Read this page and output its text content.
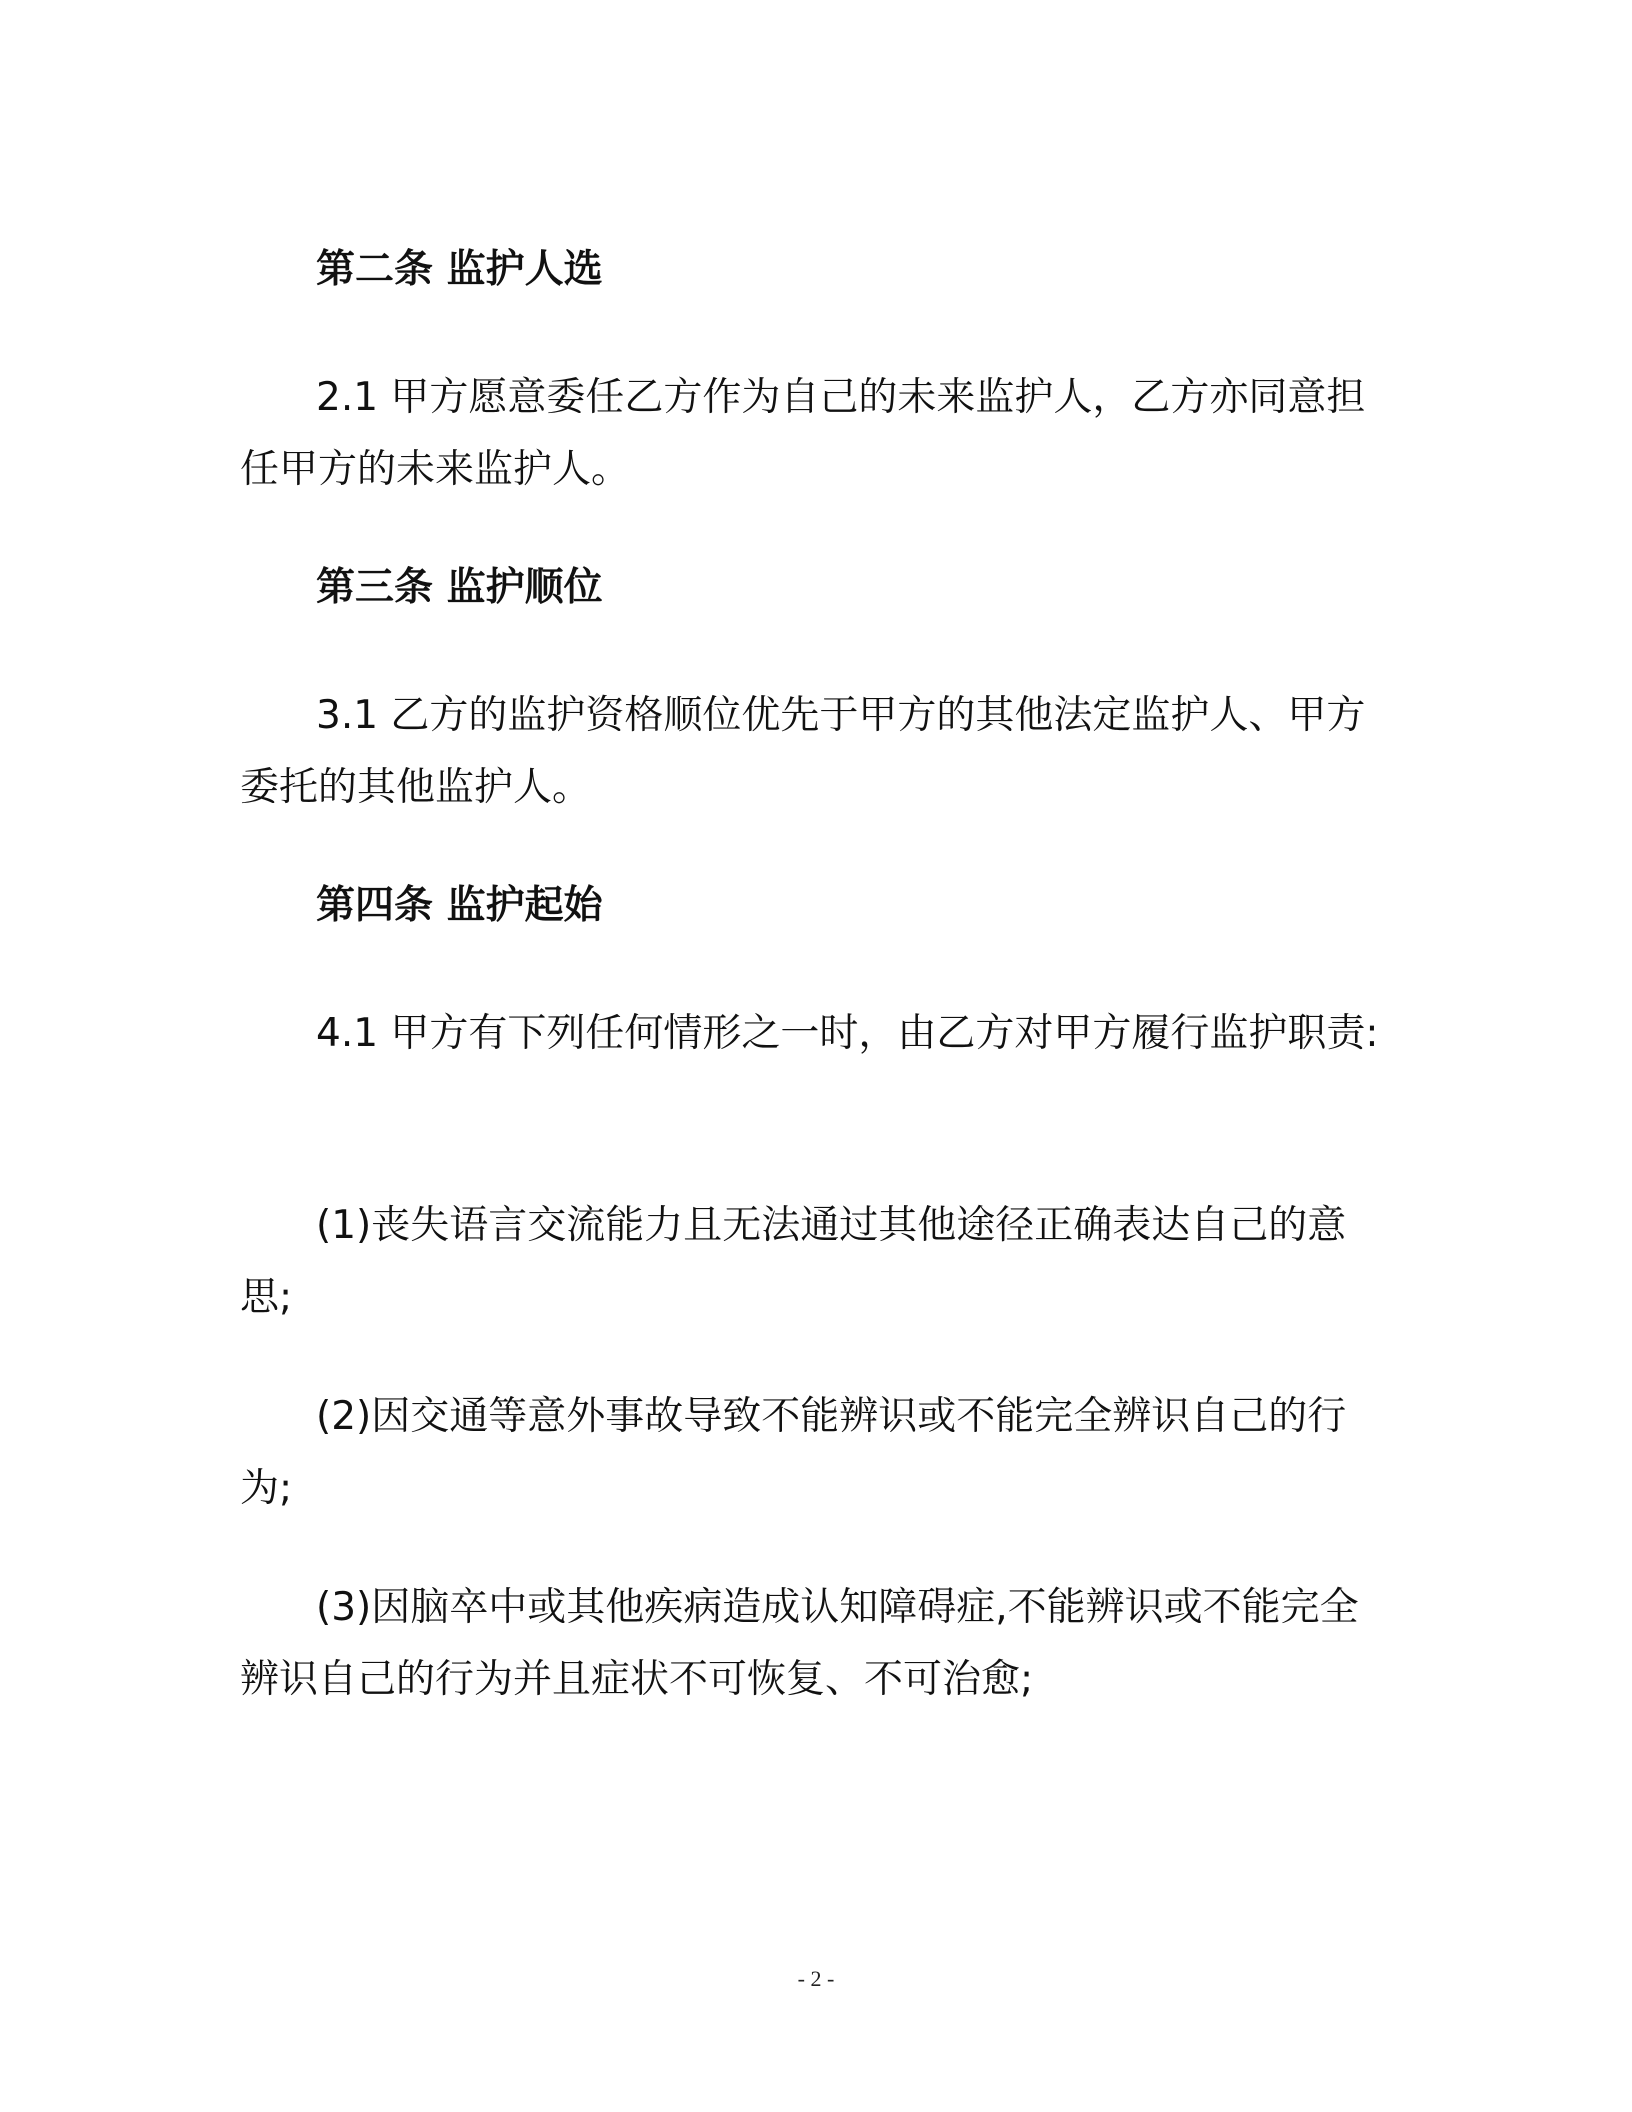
第二条 监护人选
2.1 甲方愿意委任乙方作为自己的未来监护人，乙方亦同意担任甲方的未来监护人。
第三条 监护顺位
3.1 乙方的监护资格顺位优先于甲方的其他法定监护人、甲方委托的其他监护人。
第四条 监护起始
4.1 甲方有下列任何情形之一时，由乙方对甲方履行监护职责:
(1)丧失语言交流能力且无法通过其他途径正确表达自己的意思;
(2)因交通等意外事故导致不能辨识或不能完全辨识自己的行为;
(3)因脑卒中或其他疾病造成认知障碍症,不能辨识或不能完全辨识自己的行为并且症状不可恢复、不可治愈;
- 2 -
